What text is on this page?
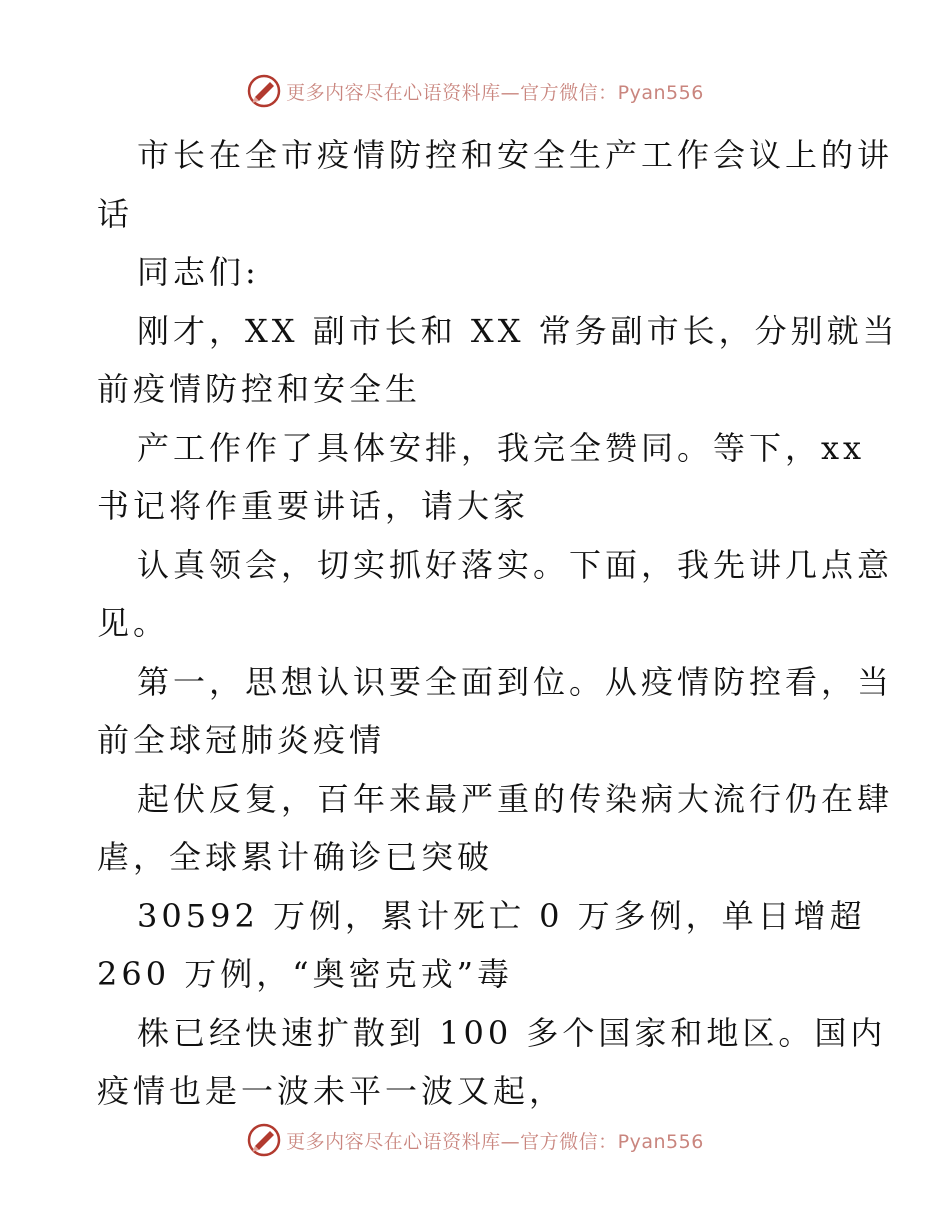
更多内容尽在心语资料库—官方微信：Pyan556

市长在全市疫情防控和安全生产工作会议上的讲

话

同志们:

刚才，XX 副市长和 XX 常务副市长，分别就当

前疫情防控和安全生

产工作作了具体安排，我完全赞同。等下，xx

书记将作重要讲话，请大家

认真领会，切实抓好落实。下面，我先讲几点意

见。

第一，思想认识要全面到位。从疫情防控看，当

前全球冠肺炎疫情

起伏反复，百年来最严重的传染病大流行仍在肆

虐，全球累计确诊已突破

30592 万例，累计死亡 0 万多例，单日增超

260 万例，“奥密克戎”毒

株已经快速扩散到 100 多个国家和地区。国内

疫情也是一波未平一波又起，

更多内容尽在心语资料库—官方微信：Pyan556
